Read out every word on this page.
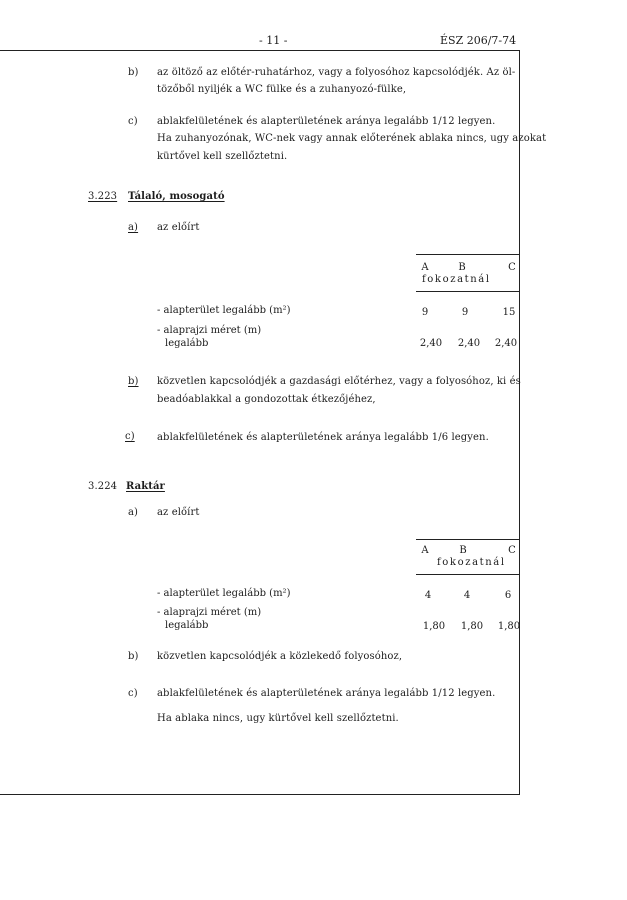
- 11 -	ÉSZ 206/7-74
b) az öltöző az előtér-ruhatárhoz, vagy a folyosóhoz kapcsolódjék. Az öl-
tözőből nyiljék a WC fülke és a zuhanyozó-fülke,
c) ablakfelületének és alapterületének aránya legalább 1/12 legyen.
Ha zuhanyozónak, WC-nek vagy annak előterének ablaka nincs, ugy azokat
kürtővel kell szellőztetni.
3.223 Tálaló, mosogató
a) az előírt
A	B	C
fokozatnál
- alapterület legalább (m²)	9	9	15
- alaprajzi méret (m)
legalább	2,40	2,40	2,40
b) közvetlen kapcsolódjék a gazdasági előtérhez, vagy a folyosóhoz, ki és
beadóablakkal a gondozottak étkezőjéhez,
c) ablakfelületének és alapterületének aránya legalább 1/6 legyen.
3.224 Raktár
a) az előírt
A	B	C
fokozatnál
- alapterület legalább (m²)	4	4	6
- alaprajzi méret (m)
legalább	1,80	1,80	1,80
b) közvetlen kapcsolódjék a közlekedő folyosóhoz,
c) ablakfelületének és alapterületének aránya legalább 1/12 legyen.
Ha ablaka nincs, ugy kürtővel kell szellőztetni.
